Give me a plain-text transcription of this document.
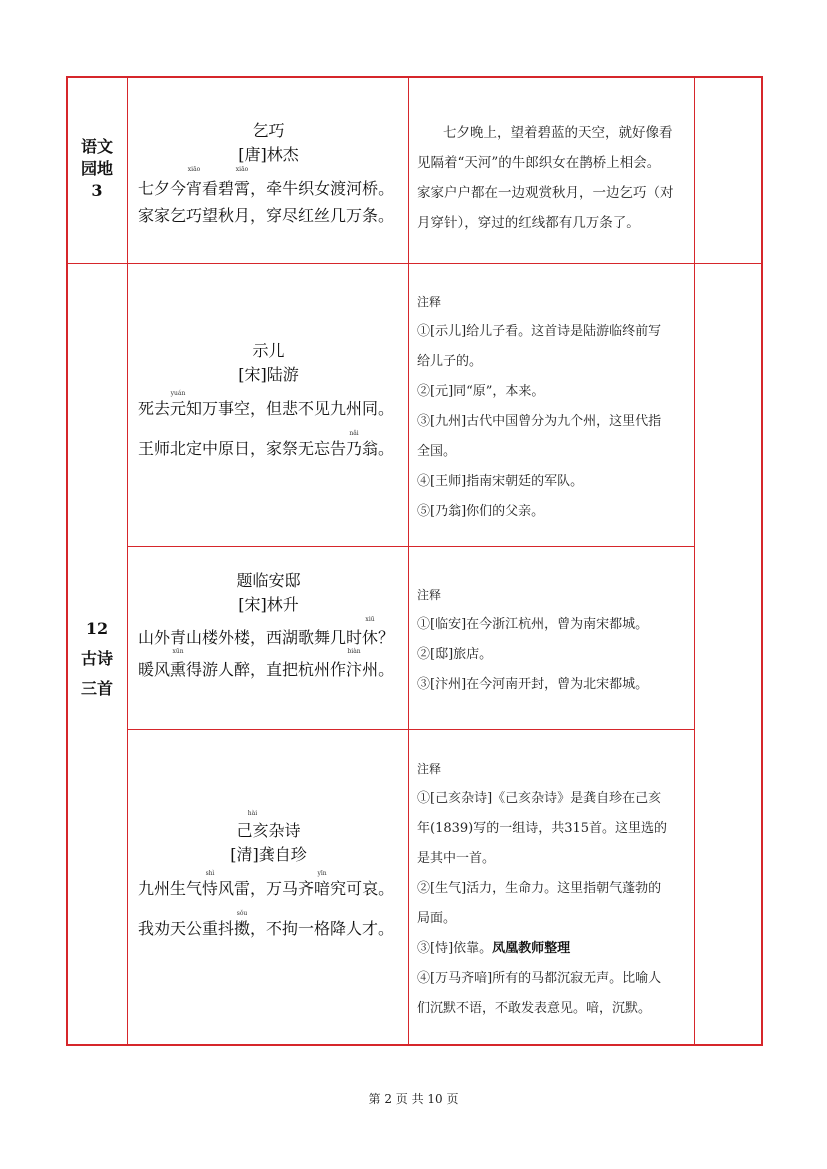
语文
园地
3
乞巧
[唐]林杰
七夕今
xiāo
宵看碧
xiāo
霄，牵牛织女渡河桥。
家家乞巧望秋月，穿尽红丝几万条。
七夕晚上，望着碧蓝的天空，就好像看
见隔着“天河”的牛郎织女在鹊桥上相会。
家家户户都在一边观赏秋月，一边乞巧（对
月穿针），穿过的红线都有几万条了。
12
古诗
三首
示儿
[宋]陆游
死去
yuán
元知万事空，但悲不见九州同。
王师北定中原日，家祭无忘告
nǎi
乃翁。
注释
①[示儿]给儿子看。这首诗是陆游临终前写
给儿子的。
②[元]同“原”，本来。
③[九州]古代中国曾分为九个州，这里代指
全国。
④[王师]指南宋朝廷的军队。
⑤[乃翁]你们的父亲。
题临安邸
[宋]林升
山外青山楼外楼，西湖歌舞几时
xiū
休？
暖风
xūn
熏得游人醉，直把杭州作
biàn
汴州。
注释
①[临安]在今浙江杭州，曾为南宋都城。
②[邸]旅店。
③[汴州]在今河南开封，曾为北宋都城。
hài
己亥杂诗
[清]龚自珍
九州生气
shì
恃风雷，万马齐
yīn
喑究可哀。
我劝天公重抖
sǒu
擞，不拘一格降人才。
注释
①[己亥杂诗]《己亥杂诗》是龚自珍在己亥
年(1839)写的一组诗，共315首。这里选的
是其中一首。
②[生气]活力，生命力。这里指朝气蓬勃的
局面。
③[恃]依靠。凤凰教师整理
④[万马齐喑]所有的马都沉寂无声。比喻人
们沉默不语，不敢发表意见。喑，沉默。
第 2 页 共 10 页
